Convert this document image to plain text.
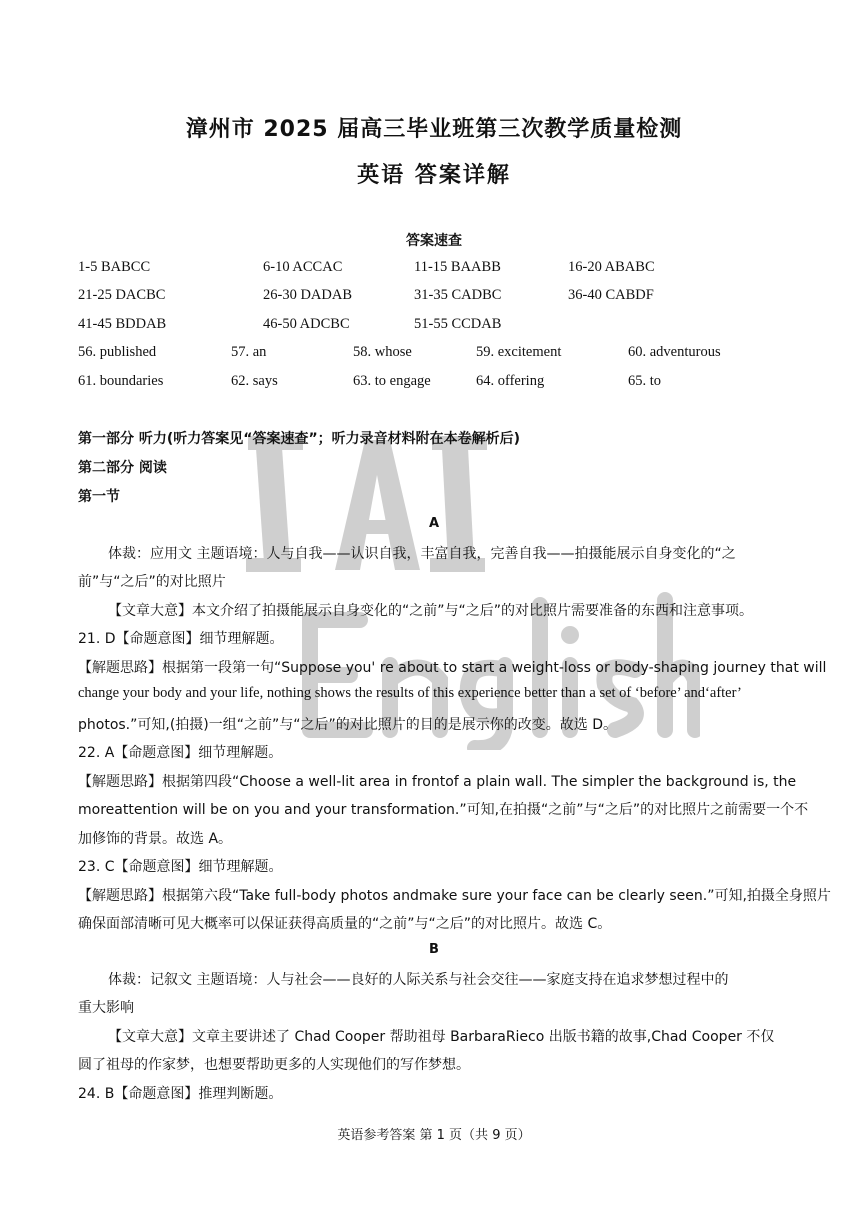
漳州市 2025 届高三毕业班第三次教学质量检测
英语 答案详解
答案速查
1-5 BABCC	6-10 ACCAC	11-15 BAABB	16-20 ABABC
21-25 DACBC	26-30 DADAB	31-35 CADBC	36-40 CABDF
41-45 BDDAB	46-50 ADCBC	51-55 CCDAB
56. published	57. an	58. whose	59. excitement	60. adventurous
61. boundaries	62. says	63. to engage	64. offering	65. to
第一部分 听力(听力答案见“答案速查”；听力录音材料附在本卷解析后)
第二部分 阅读
第一节
A
体裁：应用文 主题语境：人与自我——认识自我，丰富自我，完善自我——拍摄能展示自身变化的“之
前”与“之后”的对比照片
【文章大意】本文介绍了拍摄能展示自身变化的“之前”与“之后”的对比照片需要准备的东西和注意事项。
21. D【命题意图】细节理解题。
【解题思路】根据第一段第一句“Suppose you' re about to start a weight-loss or body-shaping journey that will
change your body and your life, nothing shows the results of this experience better than a set of ‘before’ and‘after’
photos.”可知,(拍摄)一组“之前”与“之后”的对比照片的目的是展示你的改变。故选 D。
22. A【命题意图】细节理解题。
【解题思路】根据第四段“Choose a well-lit area in frontof a plain wall. The simpler the background is, the
moreattention will be on you and your transformation.”可知,在拍摄“之前”与“之后”的对比照片之前需要一个不
加修饰的背景。故选 A。
23. C【命题意图】细节理解题。
【解题思路】根据第六段“Take full-body photos andmake sure your face can be clearly seen.”可知,拍摄全身照片
确保面部清晰可见大概率可以保证获得高质量的“之前”与“之后”的对比照片。故选 C。
B
体裁：记叙文 主题语境：人与社会——良好的人际关系与社会交往——家庭支持在追求梦想过程中的
重大影响
【文章大意】文章主要讲述了 Chad Cooper 帮助祖母 BarbaraRieco 出版书籍的故事,Chad Cooper 不仅
圆了祖母的作家梦，也想要帮助更多的人实现他们的写作梦想。
24. B【命题意图】推理判断题。
英语参考答案 第 1 页（共 9 页）
